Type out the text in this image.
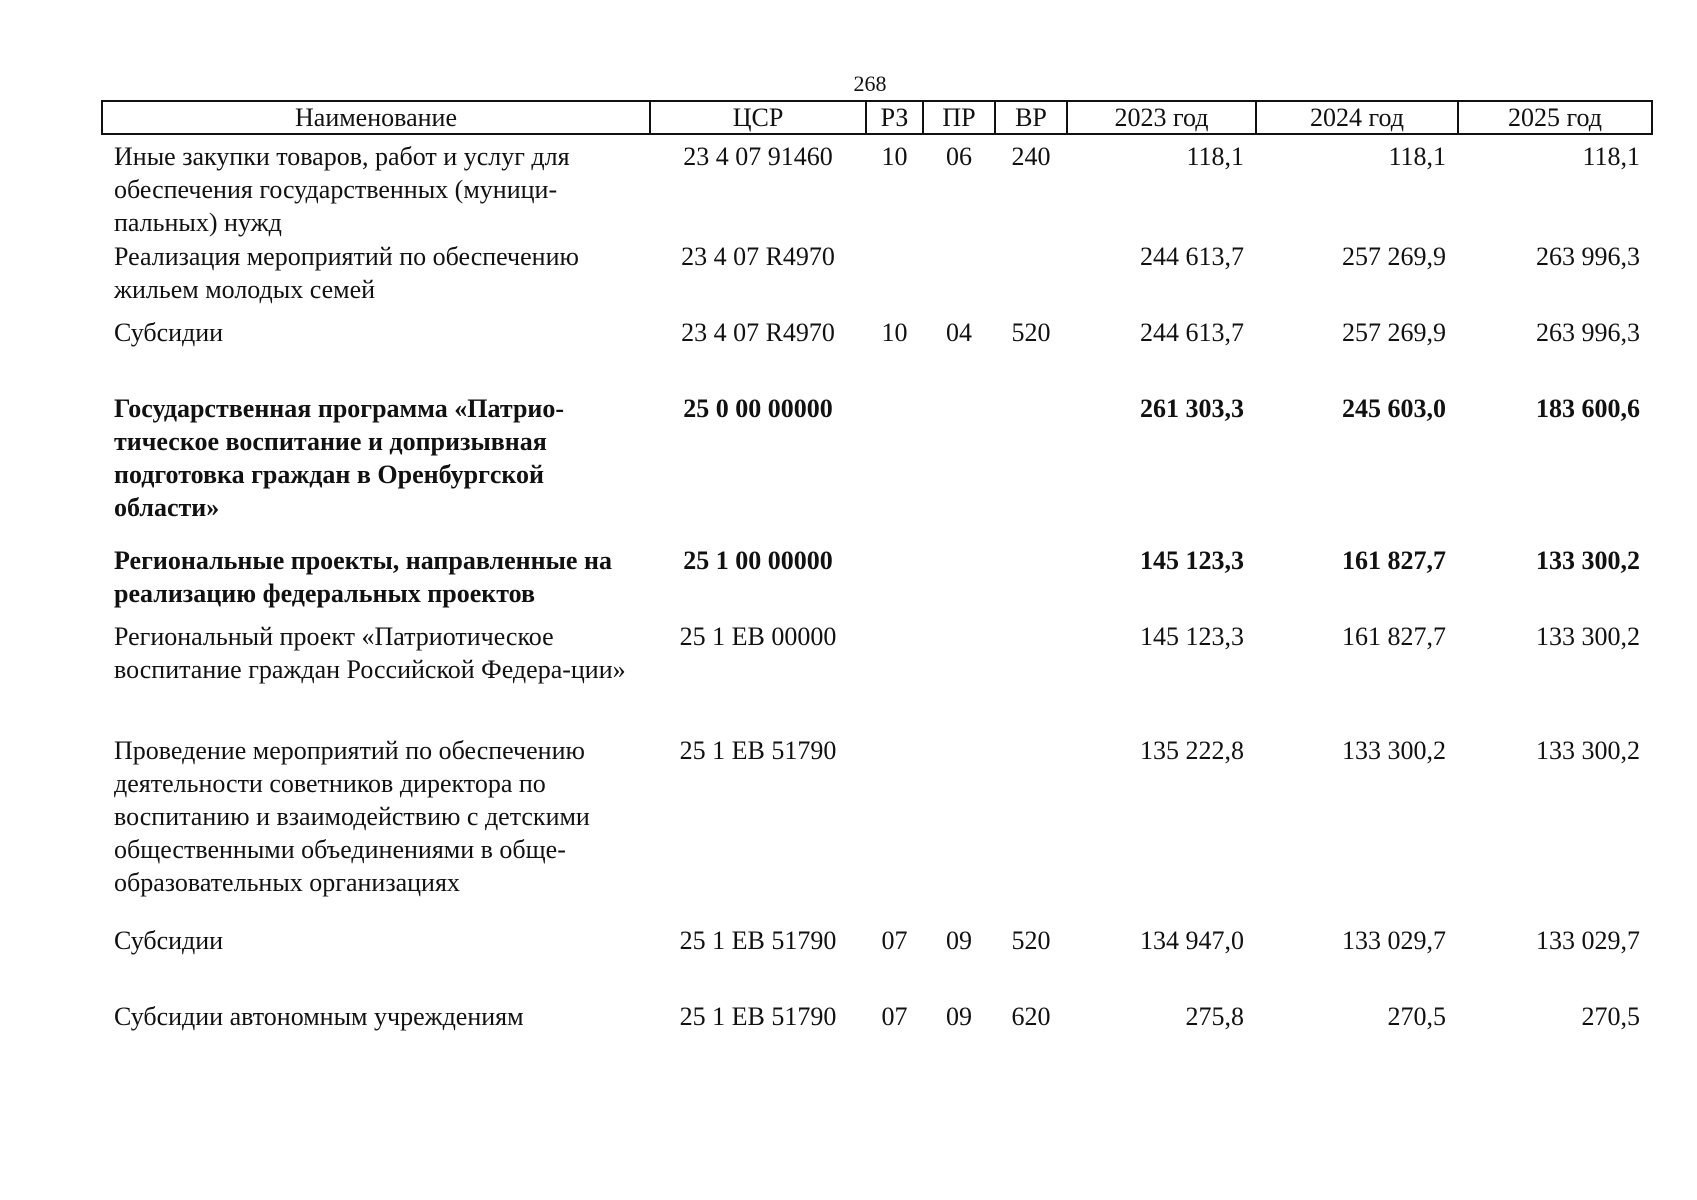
268
Наименование	ЦСР	РЗ	ПР	ВР	2023 год	2024 год	2025 год
Иные закупки товаров, работ и услуг для обеспечения государственных (муници-пальных) нужд	23 4 07 91460	10	06	240	118,1	118,1	118,1
Реализация мероприятий по обеспечению жильем молодых семей	23 4 07 R4970				244 613,7	257 269,9	263 996,3
Субсидии	23 4 07 R4970	10	04	520	244 613,7	257 269,9	263 996,3
Государственная программа «Патрио-тическое воспитание и допризывная подготовка граждан в Оренбургской области»	25 0 00 00000				261 303,3	245 603,0	183 600,6
Региональные проекты, направленные на реализацию федеральных проектов	25 1 00 00000				145 123,3	161 827,7	133 300,2
Региональный проект «Патриотическое воспитание граждан Российской Федера-ции»	25 1 EB 00000				145 123,3	161 827,7	133 300,2
Проведение мероприятий по обеспечению деятельности советников директора по воспитанию и взаимодействию с детскими общественными объединениями в обще-образовательных организациях	25 1 EB 51790				135 222,8	133 300,2	133 300,2
Субсидии	25 1 EB 51790	07	09	520	134 947,0	133 029,7	133 029,7
Субсидии автономным учреждениям	25 1 EB 51790	07	09	620	275,8	270,5	270,5
